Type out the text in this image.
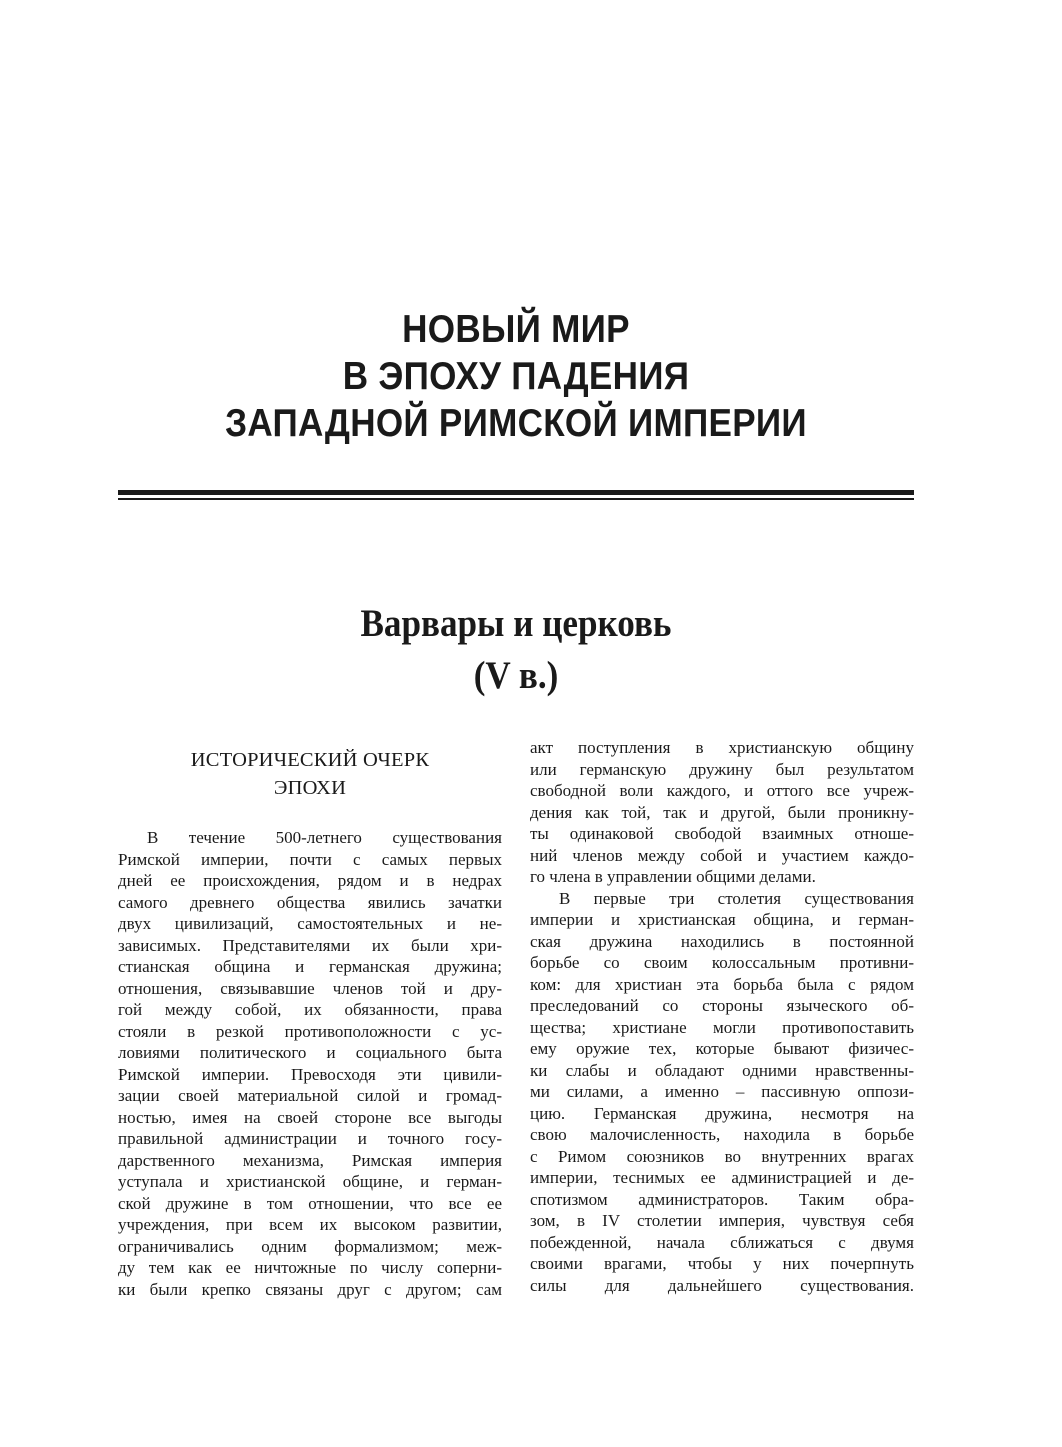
НОВЫЙ МИР
В ЭПОХУ ПАДЕНИЯ
ЗАПАДНОЙ РИМСКОЙ ИМПЕРИИ
Варвары и церковь
(V в.)
ИСТОРИЧЕСКИЙ ОЧЕРК
ЭПОХИ
В течение 500-летнего существования
Римской империи, почти с самых первых
дней ее происхождения, рядом и в недрах
самого древнего общества явились зачатки
двух цивилизаций, самостоятельных и не-
зависимых. Представителями их были хри-
стианская община и германская дружина;
отношения, связывавшие членов той и дру-
гой между собой, их обязанности, права
стояли в резкой противоположности с ус-
ловиями политического и социального быта
Римской империи. Превосходя эти цивили-
зации своей материальной силой и громад-
ностью, имея на своей стороне все выгоды
правильной администрации и точного госу-
дарственного механизма, Римская империя
уступала и христианской общине, и герман-
ской дружине в том отношении, что все ее
учреждения, при всем их высоком развитии,
ограничивались одним формализмом; меж-
ду тем как ее ничтожные по числу соперни-
ки были крепко связаны друг с другом; сам
акт поступления в христианскую общину
или германскую дружину был результатом
свободной воли каждого, и оттого все учреж-
дения как той, так и другой, были проникну-
ты одинаковой свободой взаимных отноше-
ний членов между собой и участием каждо-
го члена в управлении общими делами.
В первые три столетия существования
империи и христианская община, и герман-
ская дружина находились в постоянной
борьбе со своим колоссальным противни-
ком: для христиан эта борьба была с рядом
преследований со стороны языческого об-
щества; христиане могли противопоставить
ему оружие тех, которые бывают физичес-
ки слабы и обладают одними нравственны-
ми силами, а именно – пассивную оппози-
цию. Германская дружина, несмотря на
свою малочисленность, находила в борьбе
с Римом союзников во внутренних врагах
империи, теснимых ее администрацией и де-
спотизмом администраторов. Таким обра-
зом, в IV столетии империя, чувствуя себя
побежденной, начала сближаться с двумя
своими врагами, чтобы у них почерпнуть
силы для дальнейшего существования.
